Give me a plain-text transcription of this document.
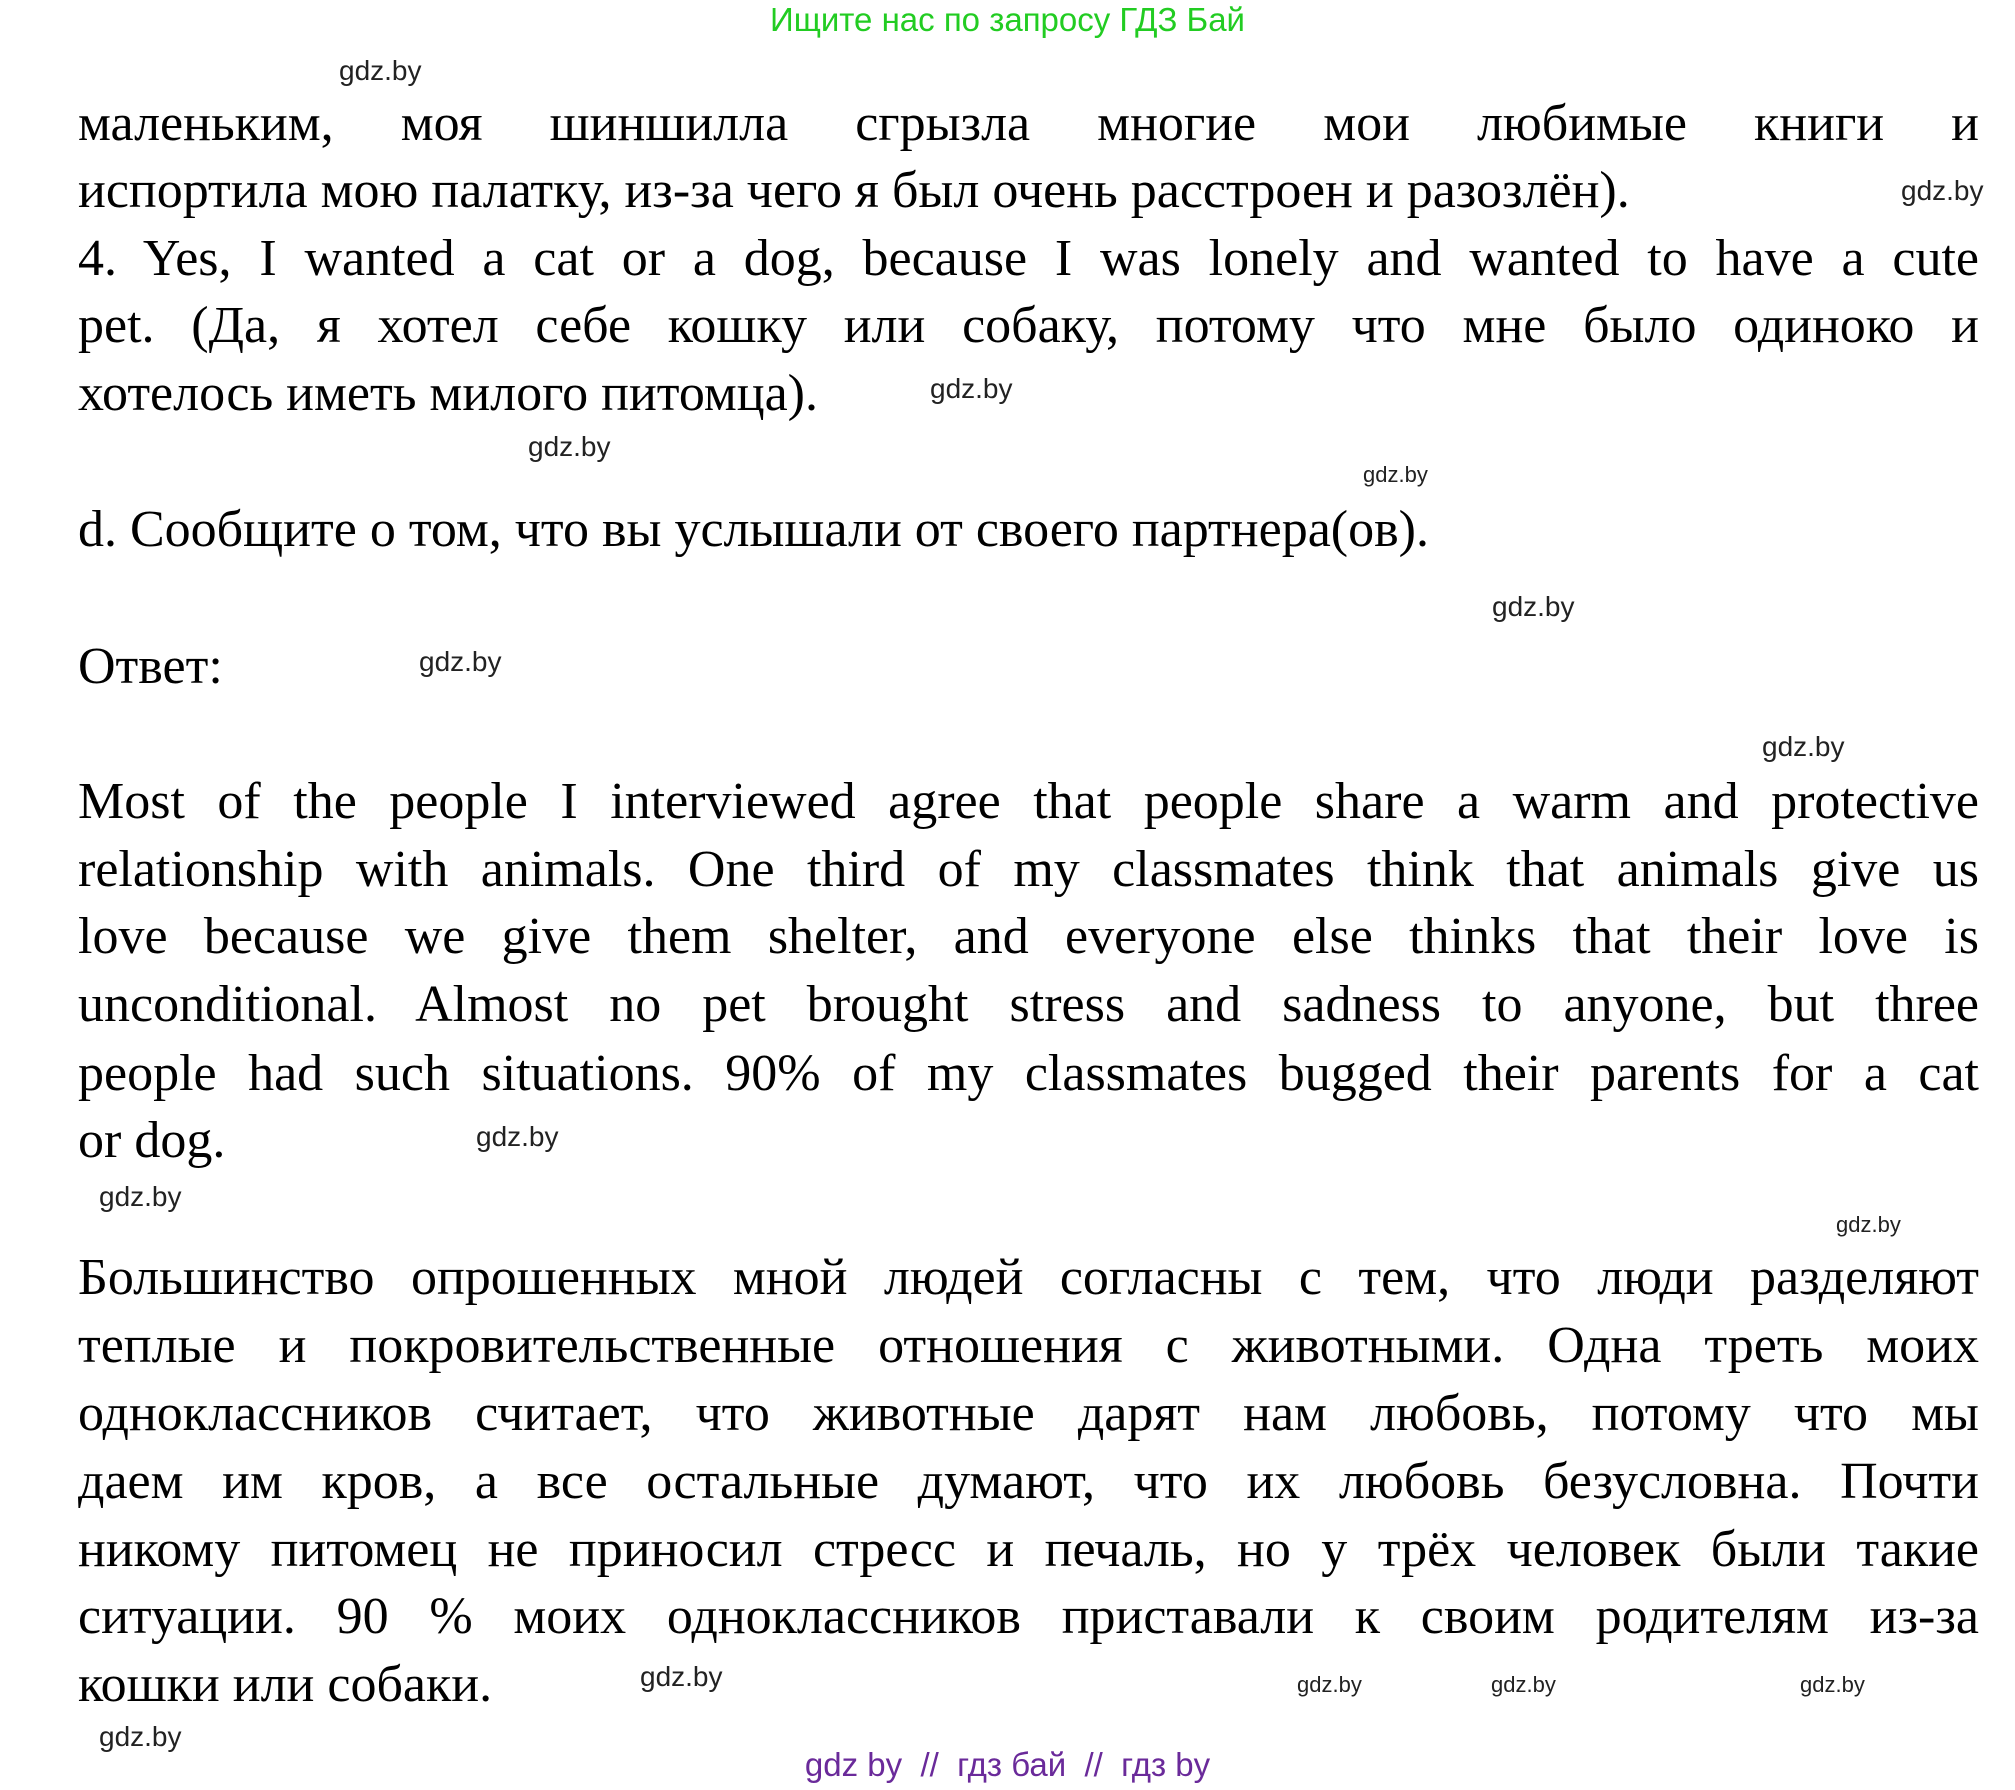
Ищите нас по запросу ГДЗ Бай
маленьким, моя шиншилла сгрызла многие мои любимые книги и
испортила мою палатку, из-за чего я был очень расстроен и разозлён).
4. Yes, I wanted a cat or a dog, because I was lonely and wanted to have a cute
pet. (Да, я хотел себе кошку или собаку, потому что мне было одиноко и
хотелось иметь милого питомца).
d. Сообщите о том, что вы услышали от своего партнера(ов).
Ответ:
Most of the people I interviewed agree that people share a warm and protective
relationship with animals. One third of my classmates think that animals give us
love because we give them shelter, and everyone else thinks that their love is
unconditional. Almost no pet brought stress and sadness to anyone, but three
people had such situations. 90% of my classmates bugged their parents for a cat
or dog.
Большинство опрошенных мной людей согласны с тем, что люди разделяют
теплые и покровительственные отношения с животными. Одна треть моих
одноклассников считает, что животные дарят нам любовь, потому что мы
даем им кров, а все остальные думают, что их любовь безусловна. Почти
никому питомец не приносил стресс и печаль, но у трёх человек были такие
ситуации. 90 % моих одноклассников приставали к своим родителям из-за
кошки или собаки.
gdz.by
gdz.by
gdz.by
gdz.by
gdz.by
gdz.by
gdz.by
gdz.by
gdz.by
gdz.by
gdz.by
gdz.by	gdz.by
gdz.by
gdz.by
gdz.by
gdz by  //  гдз бай  //  гдз by
